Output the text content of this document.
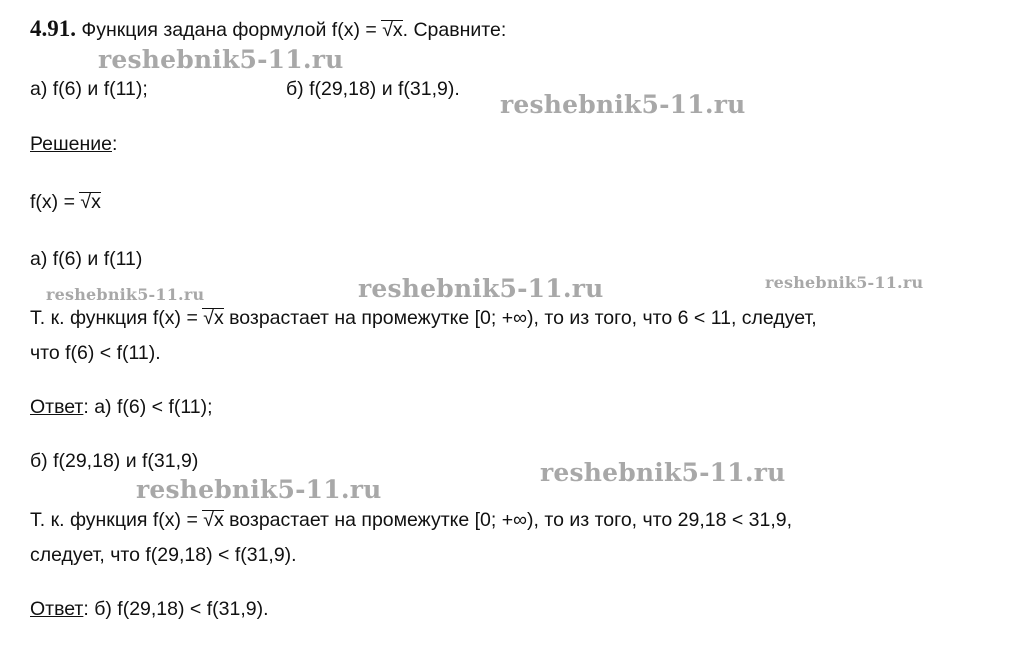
4.91. Функция задана формулой f(x) = √x. Сравните:
а) f(6) и f(11);	б) f(29,18) и f(31,9).
Решение:
f(x) = √x
а) f(6) и f(11)
Т. к. функция f(x) = √x возрастает на промежутке [0; +∞), то из того, что 6 < 11, следует,
что f(6) < f(11).
Ответ: а) f(6) < f(11);
б) f(29,18) и f(31,9)
Т. к. функция f(x) = √x возрастает на промежутке [0; +∞), то из того, что 29,18 < 31,9,
следует, что f(29,18) < f(31,9).
Ответ: б) f(29,18) < f(31,9).
reshebnik5-11.ru
reshebnik5-11.ru
reshebnik5-11.ru	reshebnik5-11.ru	reshebnik5-11.ru
reshebnik5-11.ru
reshebnik5-11.ru
